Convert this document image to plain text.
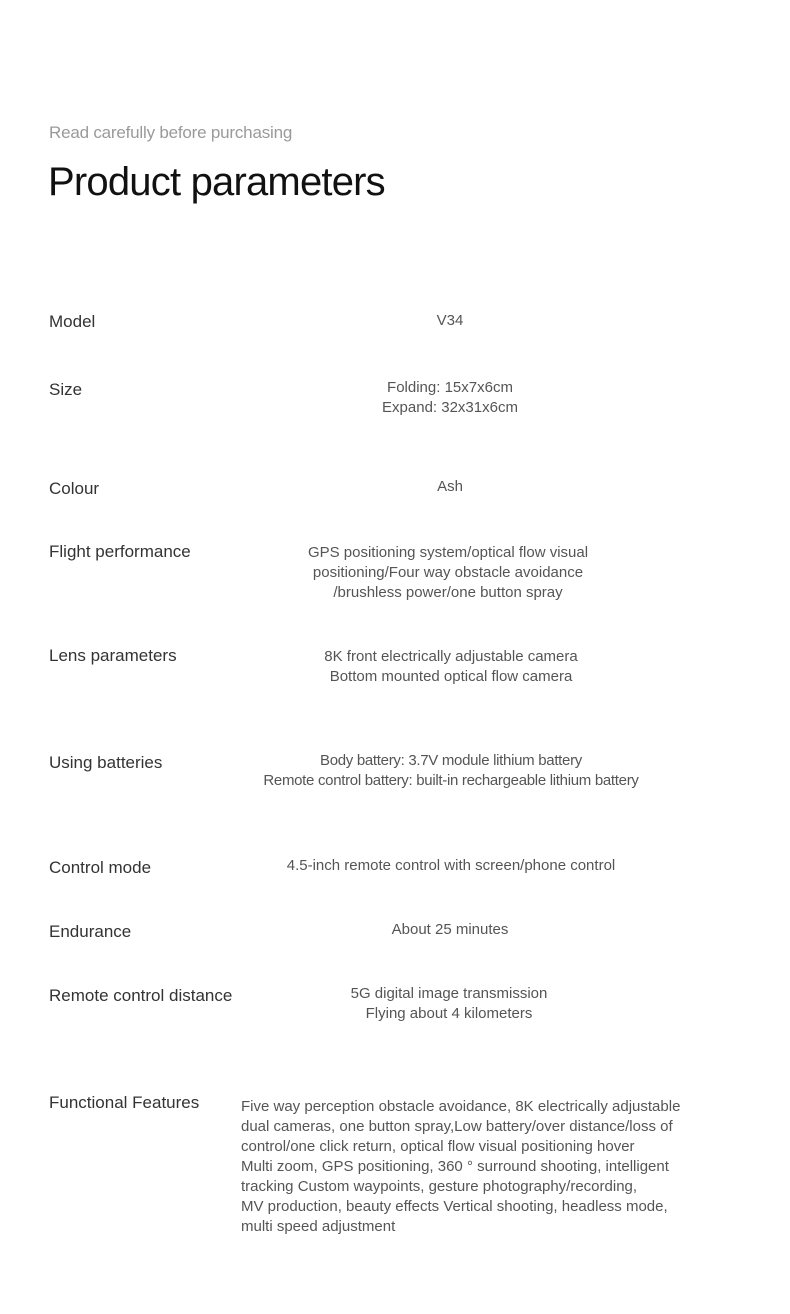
Read carefully before purchasing
Product parameters
Model	V34
Size	Folding: 15x7x6cm
Expand: 32x31x6cm
Colour	Ash
Flight performance	GPS positioning system/optical flow visual
positioning/Four way obstacle avoidance
/brushless power/one button spray
Lens parameters	8K front electrically adjustable camera
Bottom mounted optical flow camera
Using batteries	Body battery: 3.7V module lithium battery
Remote control battery: built-in rechargeable lithium battery
Control mode	4.5-inch remote control with screen/phone control
Endurance	About 25 minutes
Remote control distance	5G digital image transmission
Flying about 4 kilometers
Functional Features	Five way perception obstacle avoidance, 8K electrically adjustable
dual cameras, one button spray,Low battery/over distance/loss of
control/one click return, optical flow visual positioning hover
Multi zoom, GPS positioning, 360 ° surround shooting, intelligent
tracking Custom waypoints, gesture photography/recording,
MV production, beauty effects Vertical shooting, headless mode,
multi speed adjustment
